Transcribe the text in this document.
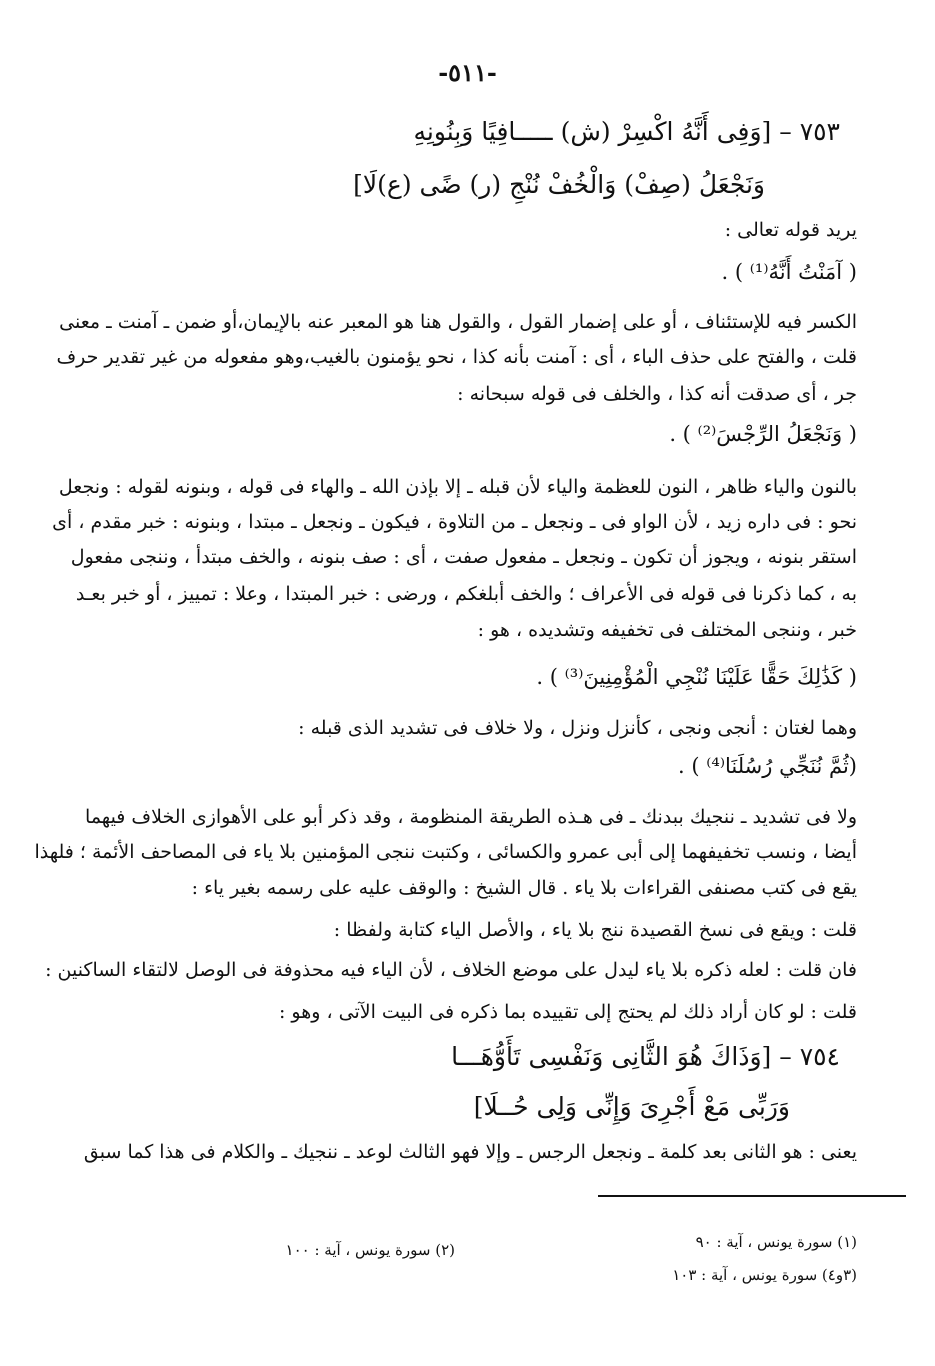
-٥١١-
٧٥٣ – [وَفِى أَنَّهُ اكْسِرْ (ش) ـــــافِيًا وَبِنُونِهِ
وَنَجْعَلُ (صِفْ) وَالْخُفْ نُنْجِ (ر) ضًى (ع)لَا]
يريد قوله تعالى :
( آمَنْتُ أَنَّهُ⁽¹⁾ ) .
الكسر فيه للإستئناف ، أو على إضمار القول ، والقول هنا هو المعبر عنه بالإيمان،أو ضمن ـ آمنت ـ معنى
قلت ، والفتح على حذف الباء ، أى : آمنت بأنه كذا ، نحو يؤمنون بالغيب،وهو مفعوله من غير تقدير حرف
جر ، أى صدقت أنه كذا ، والخلف فى قوله سبحانه :
( وَنَجْعَلُ الرِّجْسَ⁽²⁾ ) .
بالنون والياء ظاهر ، النون للعظمة والياء لأن قبله ـ إلا بإذن الله ـ والهاء فى قوله ، وبنونه لقوله : ونجعل
نحو : فى داره زيد ، لأن الواو فى ـ ونجعل ـ من التلاوة ، فيكون ـ ونجعل ـ مبتدا ، وبنونه : خبر مقدم ، أى
استقر بنونه ، ويجوز أن تكون ـ ونجعل ـ مفعول صفت ، أى : صف بنونه ، والخف مبتدأ ، وننجى مفعول
به ، كما ذكرنا فى قوله فى الأعراف ؛ والخف أبلغكم ، ورضى : خبر المبتدا ، وعلا : تمييز ، أو خبر بعـد
خبر ، وننجى المختلف فى تخفيفه وتشديده ، هو :
( كَذَٰلِكَ حَقًّا عَلَيْنَا نُنْجِي الْمُؤْمِنِينَ⁽³⁾ ) .
وهما لغتان : أنجى ونجى ، كأنزل ونزل ، ولا خلاف فى تشديد الذى قبله :
(ثُمَّ نُنَجِّي رُسُلَنَا⁽⁴⁾ ) .
ولا فى تشديد ـ ننجيك ببدنك ـ فى هـذه الطريقة المنظومة ، وقد ذكر أبو على الأهوازى الخلاف فيهما
أيضا ، ونسب تخفيفهما إلى أبى عمرو والكسائى ، وكتبت ننجى المؤمنين بلا ياء فى المصاحف الأئمة ؛ فلهذا
يقع فى كتب مصنفى القراءات بلا ياء . قال الشيخ : والوقف عليه على رسمه بغير ياء :
قلت : ويقع فى نسخ القصيدة ننج بلا ياء ، والأصل الياء كتابة ولفظا :
فان قلت : لعله ذكره بلا ياء ليدل على موضع الخلاف ، لأن الياء فيه محذوفة فى الوصل لالتقاء الساكنين :
قلت : لو كان أراد ذلك لم يحتج إلى تقييده بما ذكره فى البيت الآتى ، وهو :
٧٥٤ – [وَذَاكَ هُوَ الثَّانِى وَنَفْسِى تَأَوُّهَـــا
وَرَبِّى مَعْ أَجْرِىَ وَإِنِّى وَلِى حُــلَا]
يعنى : هو الثانى بعد كلمة ـ ونجعل الرجس ـ وإلا فهو الثالث لوعد ـ ننجيك ـ والكلام فى هذا كما سبق
(١) سورة يونس ، آية : ٩٠
(٢) سورة يونس ، آية : ١٠٠
(٣و٤) سورة يونس ، آية : ١٠٣
